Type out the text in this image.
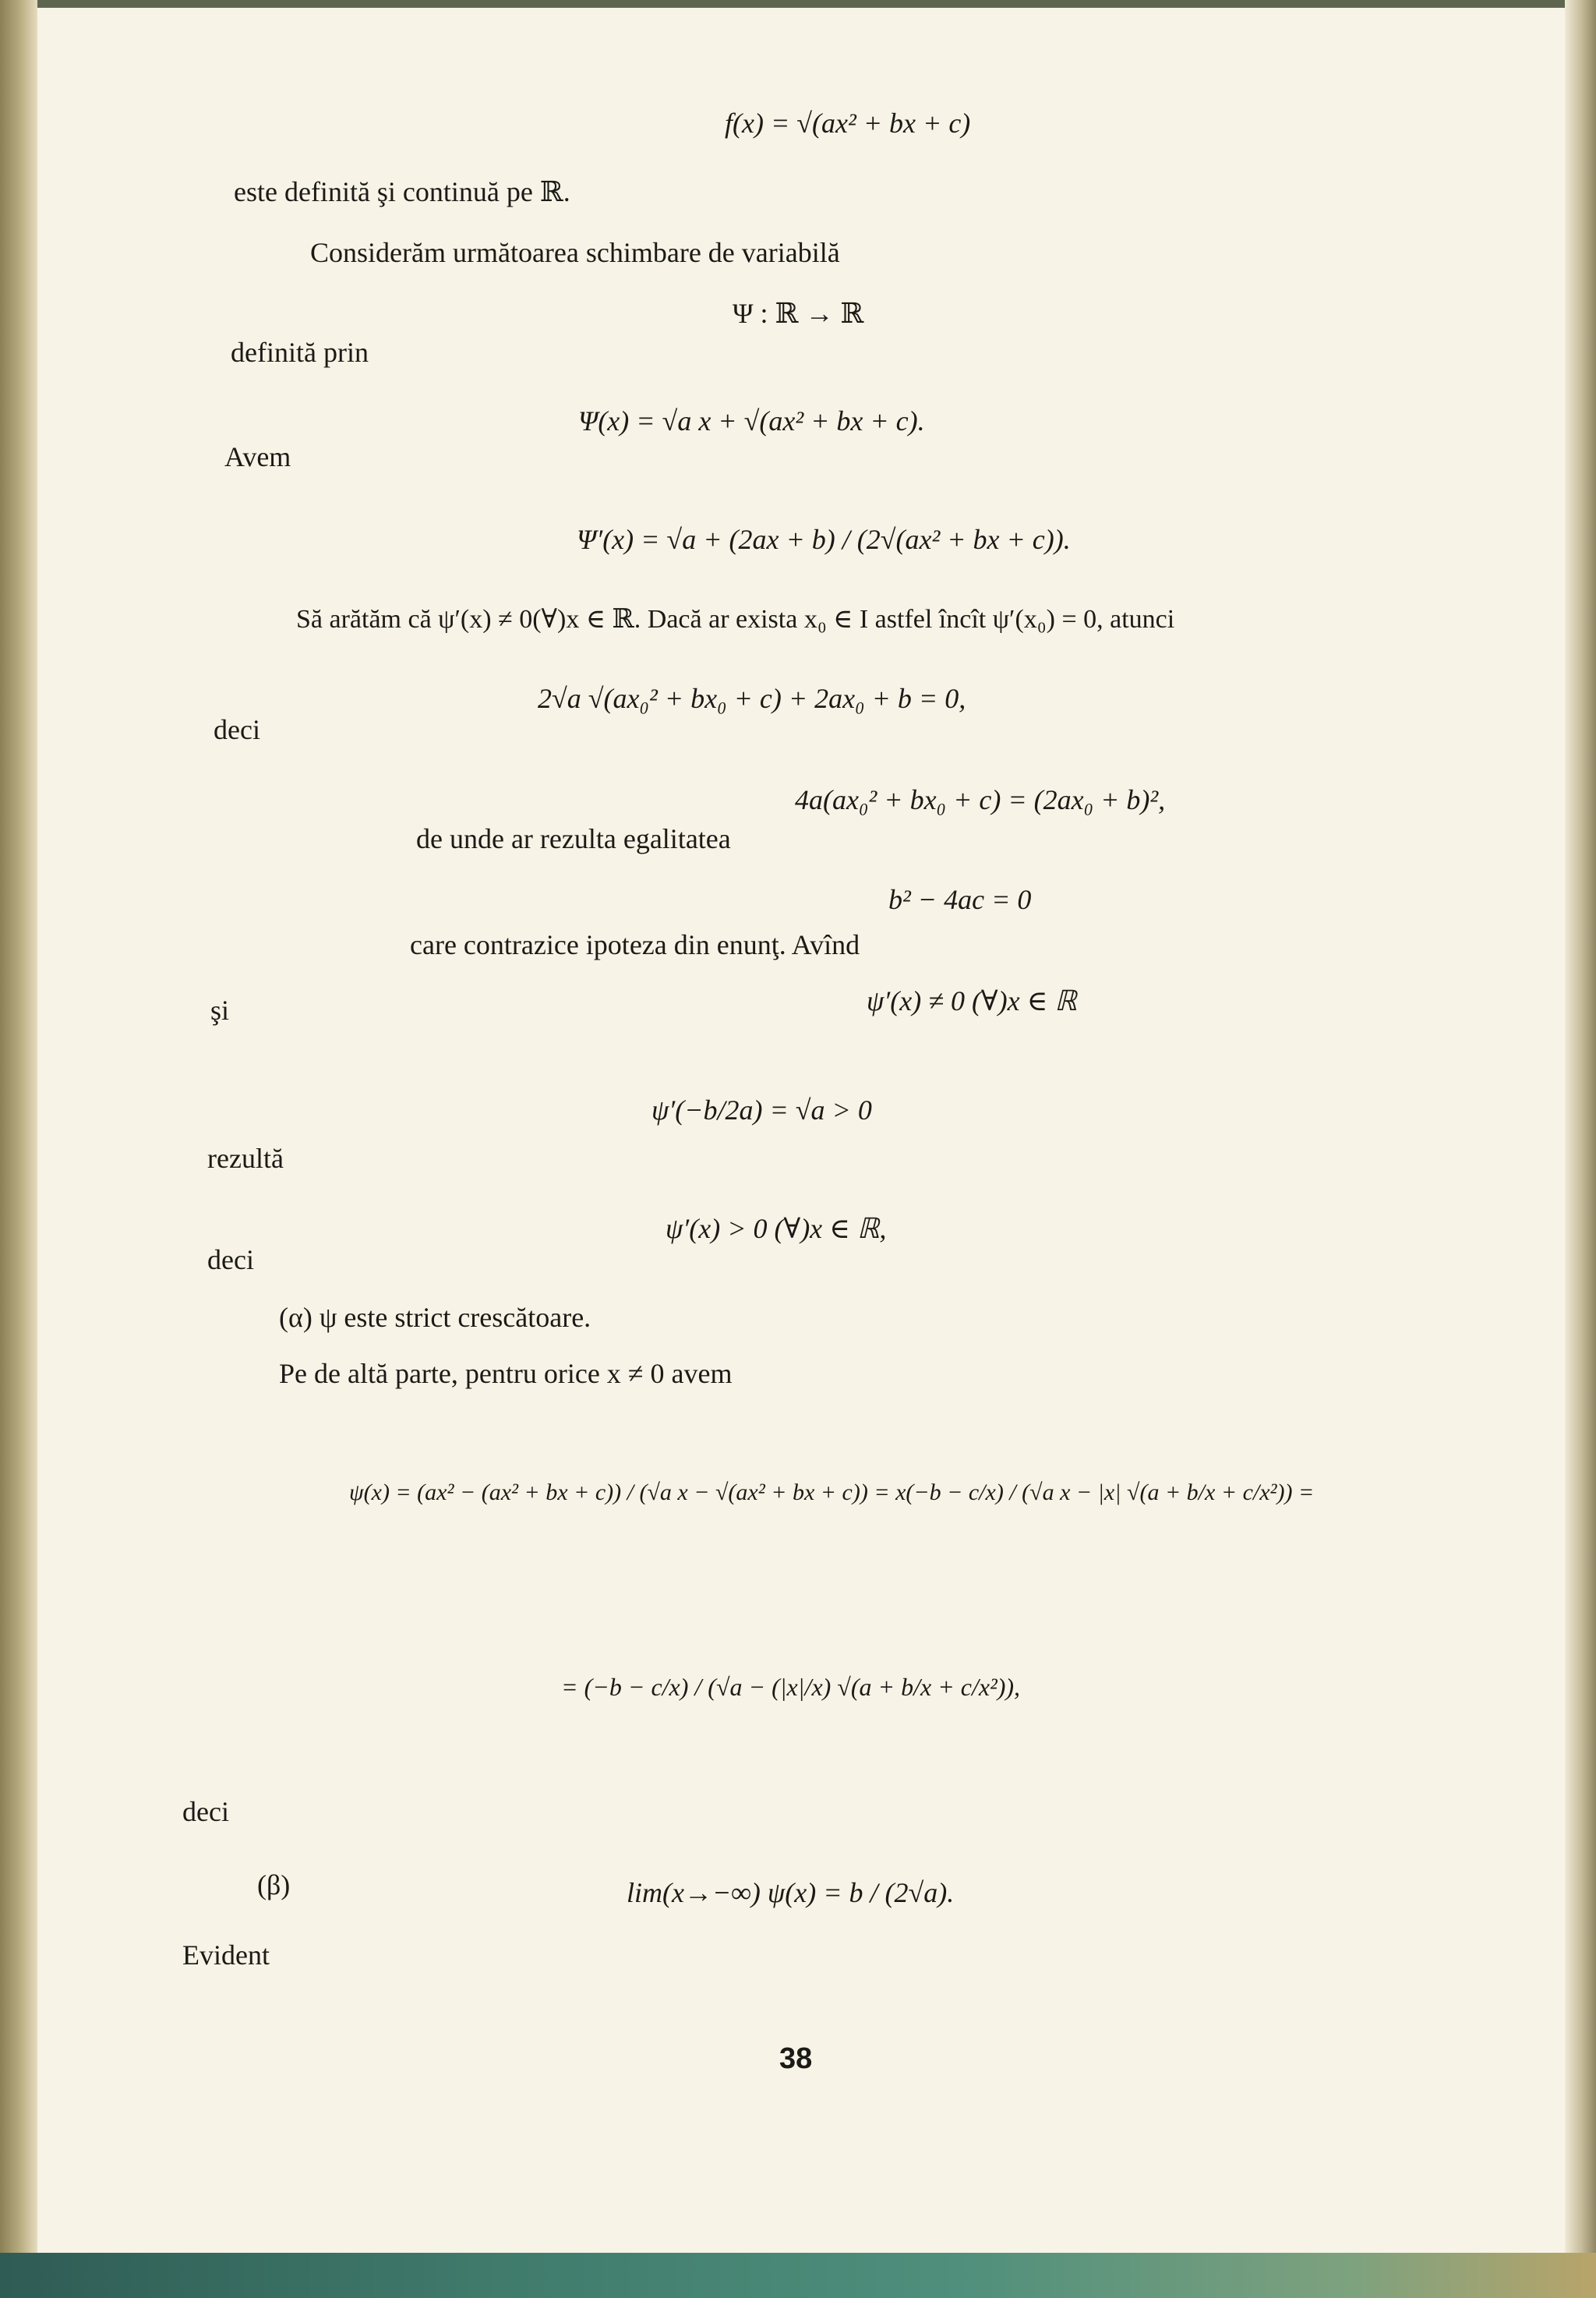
f(x) = √(ax² + bx + c)
este definită şi continuă pe ℝ.
Considerăm următoarea schimbare de variabilă
Ψ : ℝ → ℝ
definită prin
Ψ(x) = √a x + √(ax² + bx + c).
Avem
Ψ′(x) = √a + (2ax + b) / (2√(ax² + bx + c)).
Să arătăm că ψ′(x) ≠ 0(∀)x ∈ ℝ. Dacă ar exista x₀ ∈ I astfel încît ψ′(x₀) = 0, atunci
2√a √(ax₀² + bx₀ + c) + 2ax₀ + b = 0,
deci
4a(ax₀² + bx₀ + c) = (2ax₀ + b)²,
de unde ar rezulta egalitatea
b² − 4ac = 0
care contrazice ipoteza din enunţ. Avînd
ψ′(x) ≠ 0 (∀)x ∈ ℝ
şi
ψ′(−b/2a) = √a > 0
rezultă
ψ′(x) > 0 (∀)x ∈ ℝ,
deci
(α) ψ este strict crescătoare.
Pe de altă parte, pentru orice x ≠ 0 avem
ψ(x) = (ax² − (ax² + bx + c)) / (√a x − √(ax² + bx + c)) = x(−b − c/x) / (√a x − |x| √(a + b/x + c/x²)) =
= (−b − c/x) / (√a − (|x|/x) √(a + b/x + c/x²)),
deci
(β)	lim(x→−∞) ψ(x) = b / (2√a).
Evident
38
